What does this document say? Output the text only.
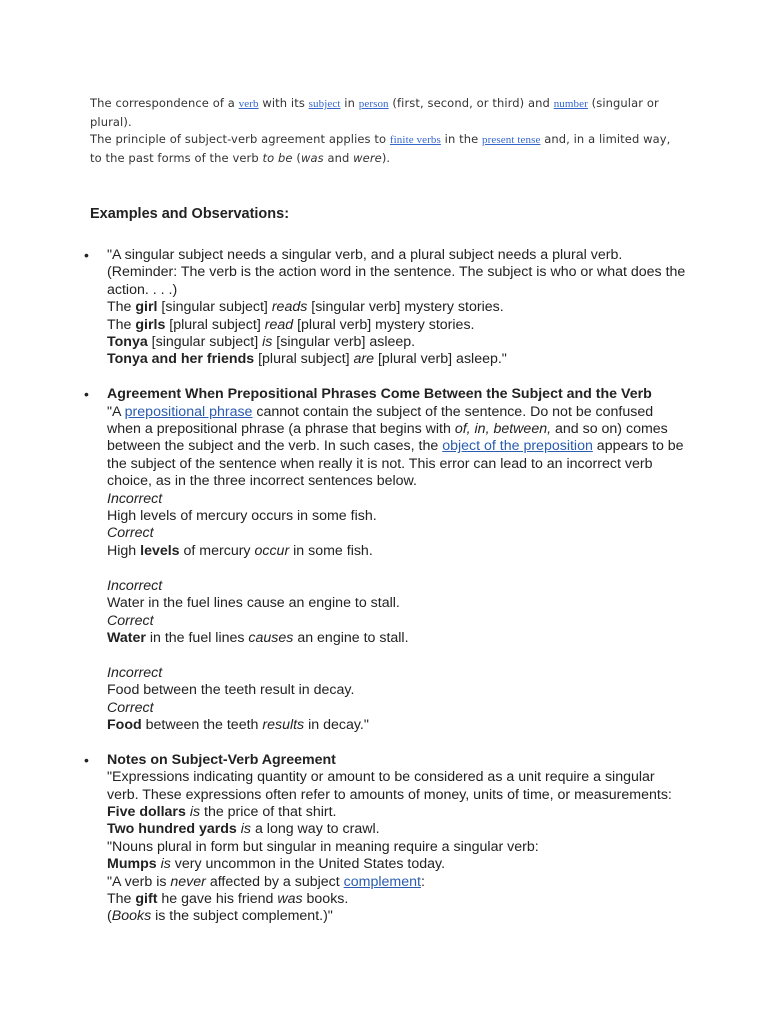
The correspondence of a verb with its subject in person (first, second, or third) and number (singular or plural).

The principle of subject-verb agreement applies to finite verbs in the present tense and, in a limited way, to the past forms of the verb to be (was and were).

Examples and Observations:
• "A singular subject needs a singular verb, and a plural subject needs a plural verb. (Reminder: The verb is the action word in the sentence. The subject is who or what does the action. . . .)
The girl [singular subject] reads [singular verb] mystery stories.
The girls [plural subject] read [plural verb] mystery stories.
Tonya [singular subject] is [singular verb] asleep.
Tonya and her friends [plural subject] are [plural verb] asleep."
• Agreement When Prepositional Phrases Come Between the Subject and the Verb
"A prepositional phrase cannot contain the subject of the sentence. Do not be confused when a prepositional phrase (a phrase that begins with of, in, between, and so on) comes between the subject and the verb. In such cases, the object of the preposition appears to be the subject of the sentence when really it is not. This error can lead to an incorrect verb choice, as in the three incorrect sentences below.
Incorrect
High levels of mercury occurs in some fish.
Correct
High levels of mercury occur in some fish.
Incorrect
Water in the fuel lines cause an engine to stall.
Correct
Water in the fuel lines causes an engine to stall.
Incorrect
Food between the teeth result in decay.
Correct
Food between the teeth results in decay."
• Notes on Subject-Verb Agreement
"Expressions indicating quantity or amount to be considered as a unit require a singular verb. These expressions often refer to amounts of money, units of time, or measurements:
Five dollars is the price of that shirt.
Two hundred yards is a long way to crawl.
"Nouns plural in form but singular in meaning require a singular verb:
Mumps is very uncommon in the United States today.
"A verb is never affected by a subject complement:
The gift he gave his friend was books.
(Books is the subject complement.)"
